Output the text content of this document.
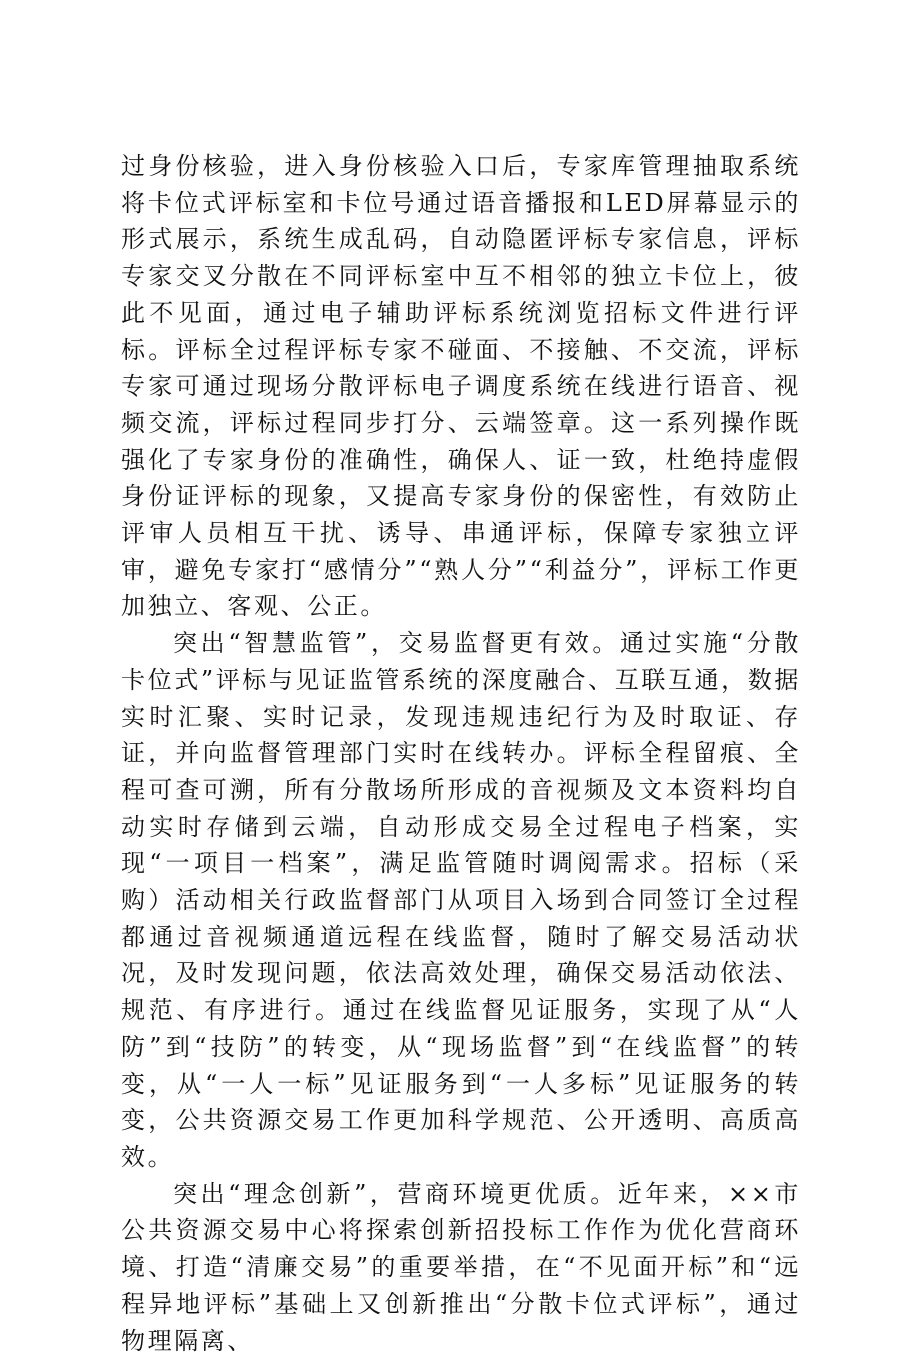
过身份核验，进入身份核验入口后，专家库管理抽取系统将卡位式评标室和卡位号通过语音播报和LED屏幕显示的形式展示，系统生成乱码，自动隐匿评标专家信息，评标专家交叉分散在不同评标室中互不相邻的独立卡位上，彼此不见面，通过电子辅助评标系统浏览招标文件进行评标。评标全过程评标专家不碰面、不接触、不交流，评标专家可通过现场分散评标电子调度系统在线进行语音、视频交流，评标过程同步打分、云端签章。这一系列操作既强化了专家身份的准确性，确保人、证一致，杜绝持虚假身份证评标的现象，又提高专家身份的保密性，有效防止评审人员相互干扰、诱导、串通评标，保障专家独立评审，避免专家打“感情分”“熟人分”“利益分”，评标工作更加独立、客观、公正。

突出“智慧监管”，交易监督更有效。通过实施“分散卡位式”评标与见证监管系统的深度融合、互联互通，数据实时汇聚、实时记录，发现违规违纪行为及时取证、存证，并向监督管理部门实时在线转办。评标全程留痕、全程可查可溯，所有分散场所形成的音视频及文本资料均自动实时存储到云端，自动形成交易全过程电子档案，实现“一项目一档案”，满足监管随时调阅需求。招标（采购）活动相关行政监督部门从项目入场到合同签订全过程都通过音视频通道远程在线监督，随时了解交易活动状况，及时发现问题，依法高效处理，确保交易活动依法、规范、有序进行。通过在线监督见证服务，实现了从“人防”到“技防”的转变，从“现场监督”到“在线监督”的转变，从“一人一标”见证服务到“一人多标”见证服务的转变，公共资源交易工作更加科学规范、公开透明、高质高效。

突出“理念创新”，营商环境更优质。近年来，××市公共资源交易中心将探索创新招投标工作作为优化营商环境、打造“清廉交易”的重要举措，在“不见面开标”和“远程异地评标”基础上又创新推出“分散卡位式评标”，通过物理隔离、
